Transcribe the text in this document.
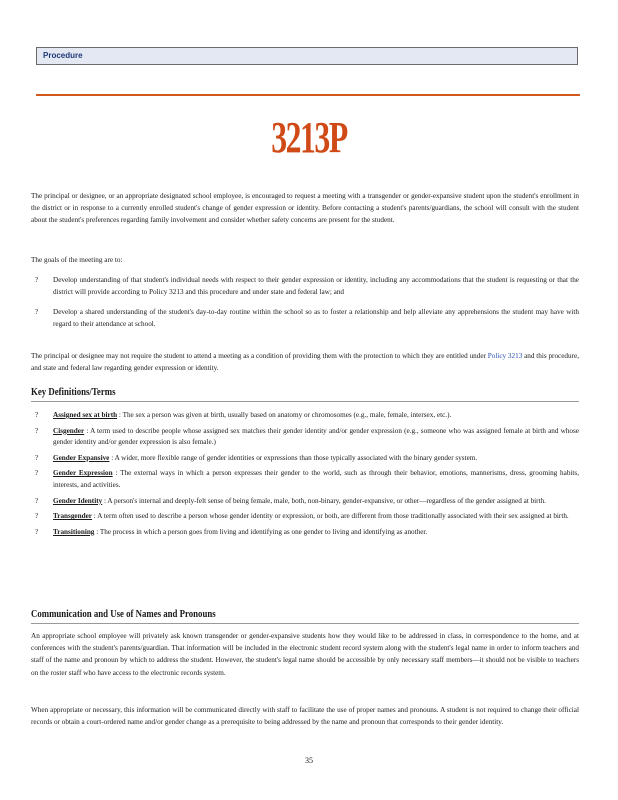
Procedure
3213P

The principal or designee, or an appropriate designated school employee, is encouraged to request a meeting with a transgender or gender-expansive student upon the student's enrollment in the district or in response to a currently enrolled student's change of gender expression or identity. Before contacting a student's parents/guardians, the school will consult with the student about the student's preferences regarding family involvement and consider whether safety concerns are present for the student.

The goals of the meeting are to:

? Develop understanding of that student's individual needs with respect to their gender expression or identity, including any accommodations that the student is requesting or that the district will provide according to Policy 3213 and this procedure and under state and federal law; and
? Develop a shared understanding of the student's day-to-day routine within the school so as to foster a relationship and help alleviate any apprehensions the student may have with regard to their attendance at school.

The principal or designee may not require the student to attend a meeting as a condition of providing them with the protection to which they are entitled under Policy 3213 and this procedure, and state and federal law regarding gender expression or identity.

Key Definitions/Terms
? Assigned sex at birth : The sex a person was given at birth, usually based on anatomy or chromosomes (e.g., male, female, intersex, etc.).
? Cisgender : A term used to describe people whose assigned sex matches their gender identity and/or gender expression (e.g., someone who was assigned female at birth and whose gender identity and/or gender expression is also female.)
? Gender Expansive : A wider, more flexible range of gender identities or expressions than those typically associated with the binary gender system.
? Gender Expression : The external ways in which a person expresses their gender to the world, such as through their behavior, emotions, mannerisms, dress, grooming habits, interests, and activities.
? Gender Identity : A person's internal and deeply-felt sense of being female, male, both, non-binary, gender-expansive, or other—regardless of the gender assigned at birth.
? Transgender : A term often used to describe a person whose gender identity or expression, or both, are different from those traditionally associated with their sex assigned at birth.
? Transitioning : The process in which a person goes from living and identifying as one gender to living and identifying as another.
Communication and Use of Names and Pronouns

An appropriate school employee will privately ask known transgender or gender-expansive students how they would like to be addressed in class, in correspondence to the home, and at conferences with the student's parents/guardian. That information will be included in the electronic student record system along with the student's legal name in order to inform teachers and staff of the name and pronoun by which to address the student. However, the student's legal name should be accessible by only necessary staff members—it should not be visible to teachers on the roster staff who have access to the electronic records system.

When appropriate or necessary, this information will be communicated directly with staff to facilitate the use of proper names and pronouns. A student is not required to change their official records or obtain a court-ordered name and/or gender change as a prerequisite to being addressed by the name and pronoun that corresponds to their gender identity.

35
